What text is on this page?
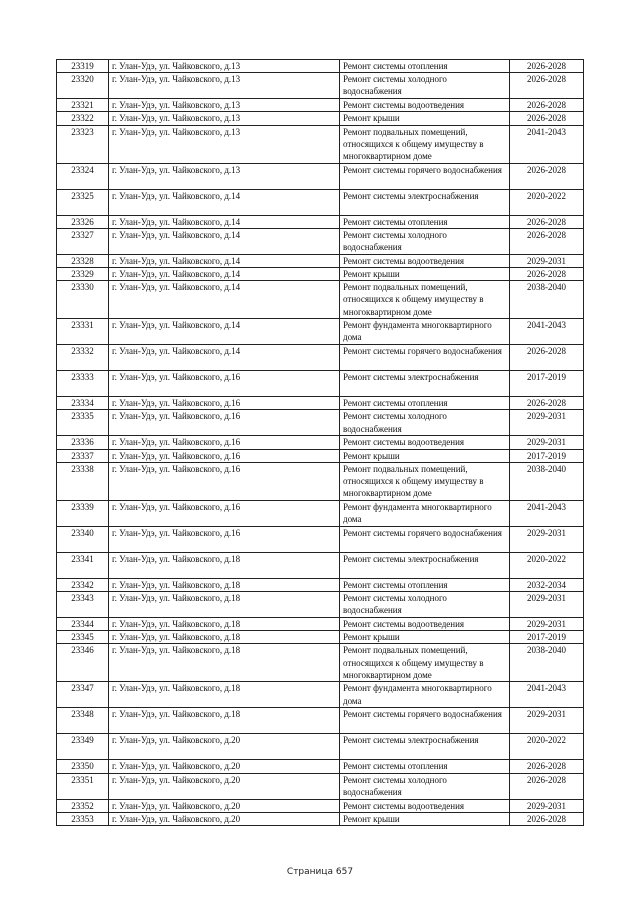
23319	г. Улан-Удэ, ул. Чайковского, д.13	Ремонт системы отопления	2026-2028
23320	г. Улан-Удэ, ул. Чайковского, д.13	Ремонт системы холодного водоснабжения	2026-2028
23321	г. Улан-Удэ, ул. Чайковского, д.13	Ремонт системы водоотведения	2026-2028
23322	г. Улан-Удэ, ул. Чайковского, д.13	Ремонт крыши	2026-2028
23323	г. Улан-Удэ, ул. Чайковского, д.13	Ремонт подвальных помещений, относящихся к общему имуществу в многоквартирном доме	2041-2043
23324	г. Улан-Удэ, ул. Чайковского, д.13	Ремонт системы горячего водоснабжения	2026-2028
23325	г. Улан-Удэ, ул. Чайковского, д.14	Ремонт системы электроснабжения	2020-2022
23326	г. Улан-Удэ, ул. Чайковского, д.14	Ремонт системы отопления	2026-2028
23327	г. Улан-Удэ, ул. Чайковского, д.14	Ремонт системы холодного водоснабжения	2026-2028
23328	г. Улан-Удэ, ул. Чайковского, д.14	Ремонт системы водоотведения	2029-2031
23329	г. Улан-Удэ, ул. Чайковского, д.14	Ремонт крыши	2026-2028
23330	г. Улан-Удэ, ул. Чайковского, д.14	Ремонт подвальных помещений, относящихся к общему имуществу в многоквартирном доме	2038-2040
23331	г. Улан-Удэ, ул. Чайковского, д.14	Ремонт фундамента многоквартирного дома	2041-2043
23332	г. Улан-Удэ, ул. Чайковского, д.14	Ремонт системы горячего водоснабжения	2026-2028
23333	г. Улан-Удэ, ул. Чайковского, д.16	Ремонт системы электроснабжения	2017-2019
23334	г. Улан-Удэ, ул. Чайковского, д.16	Ремонт системы отопления	2026-2028
23335	г. Улан-Удэ, ул. Чайковского, д.16	Ремонт системы холодного водоснабжения	2029-2031
23336	г. Улан-Удэ, ул. Чайковского, д.16	Ремонт системы водоотведения	2029-2031
23337	г. Улан-Удэ, ул. Чайковского, д.16	Ремонт крыши	2017-2019
23338	г. Улан-Удэ, ул. Чайковского, д.16	Ремонт подвальных помещений, относящихся к общему имуществу в многоквартирном доме	2038-2040
23339	г. Улан-Удэ, ул. Чайковского, д.16	Ремонт фундамента многоквартирного дома	2041-2043
23340	г. Улан-Удэ, ул. Чайковского, д.16	Ремонт системы горячего водоснабжения	2029-2031
23341	г. Улан-Удэ, ул. Чайковского, д.18	Ремонт системы электроснабжения	2020-2022
23342	г. Улан-Удэ, ул. Чайковского, д.18	Ремонт системы отопления	2032-2034
23343	г. Улан-Удэ, ул. Чайковского, д.18	Ремонт системы холодного водоснабжения	2029-2031
23344	г. Улан-Удэ, ул. Чайковского, д.18	Ремонт системы водоотведения	2029-2031
23345	г. Улан-Удэ, ул. Чайковского, д.18	Ремонт крыши	2017-2019
23346	г. Улан-Удэ, ул. Чайковского, д.18	Ремонт подвальных помещений, относящихся к общему имуществу в многоквартирном доме	2038-2040
23347	г. Улан-Удэ, ул. Чайковского, д.18	Ремонт фундамента многоквартирного дома	2041-2043
23348	г. Улан-Удэ, ул. Чайковского, д.18	Ремонт системы горячего водоснабжения	2029-2031
23349	г. Улан-Удэ, ул. Чайковского, д.20	Ремонт системы электроснабжения	2020-2022
23350	г. Улан-Удэ, ул. Чайковского, д.20	Ремонт системы отопления	2026-2028
23351	г. Улан-Удэ, ул. Чайковского, д.20	Ремонт системы холодного водоснабжения	2026-2028
23352	г. Улан-Удэ, ул. Чайковского, д.20	Ремонт системы водоотведения	2029-2031
23353	г. Улан-Удэ, ул. Чайковского, д.20	Ремонт крыши	2026-2028
Страница 657
